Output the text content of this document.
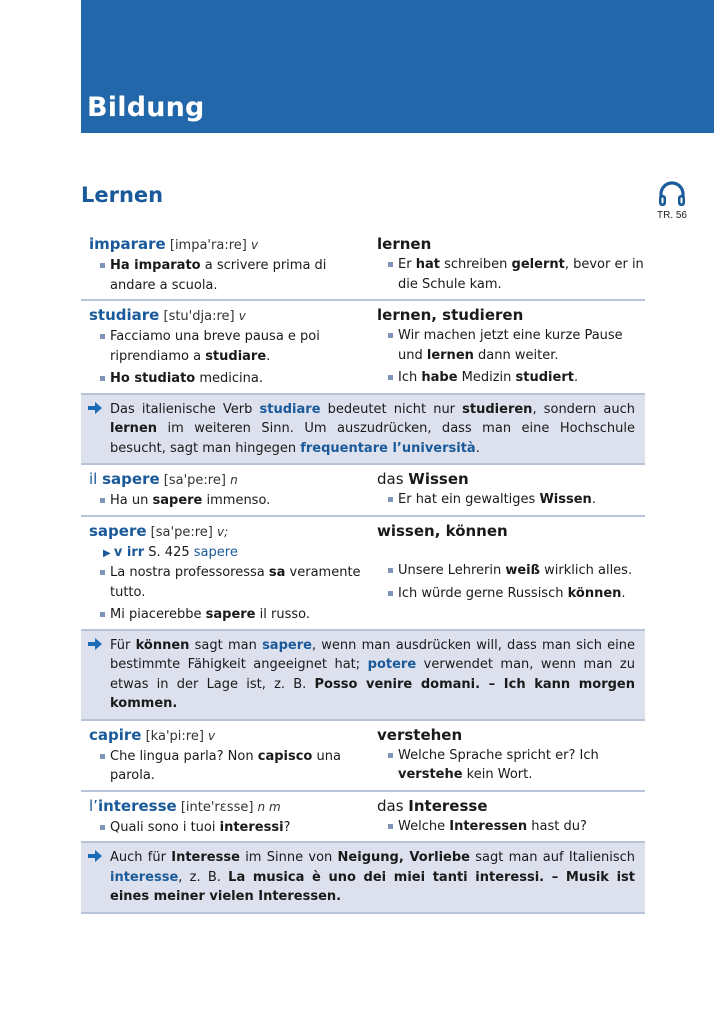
Bildung
Lernen
TR. 56
imparare [impa'ra:re] v
Ha imparato a scrivere prima di andare a scuola.
lernen
Er hat schreiben gelernt, bevor er in die Schule kam.
studiare [stu'dja:re] v
Facciamo una breve pausa e poi riprendiamo a studiare.
Ho studiato medicina.
lernen, studieren
Wir machen jetzt eine kurze Pause und lernen dann weiter.
Ich habe Medizin studiert.
Das italienische Verb studiare bedeutet nicht nur studieren, sondern auch lernen im weiteren Sinn. Um auszudrücken, dass man eine Hochschule besucht, sagt man hingegen frequentare l’università.
il sapere [sa'pe:re] n
Ha un sapere immenso.
das Wissen
Er hat ein gewaltiges Wissen.
sapere [sa'pe:re] v;
▶ v irr S. 425 sapere
La nostra professoressa sa veramente tutto.
Mi piacerebbe sapere il russo.
wissen, können
Unsere Lehrerin weiß wirklich alles.
Ich würde gerne Russisch können.
Für können sagt man sapere, wenn man ausdrücken will, dass man sich eine bestimmte Fähigkeit angeeignet hat; potere verwendet man, wenn man zu etwas in der Lage ist, z. B. Posso venire domani. – Ich kann morgen kommen.
capire [ka'pi:re] v
Che lingua parla? Non capisco una parola.
verstehen
Welche Sprache spricht er? Ich verstehe kein Wort.
l’interesse [inte'rɛsse] n m
Quali sono i tuoi interessi?
das Interesse
Welche Interessen hast du?
Auch für Interesse im Sinne von Neigung, Vorliebe sagt man auf Italienisch interesse, z. B. La musica è uno dei miei tanti interessi. – Musik ist eines meiner vielen Interessen.
